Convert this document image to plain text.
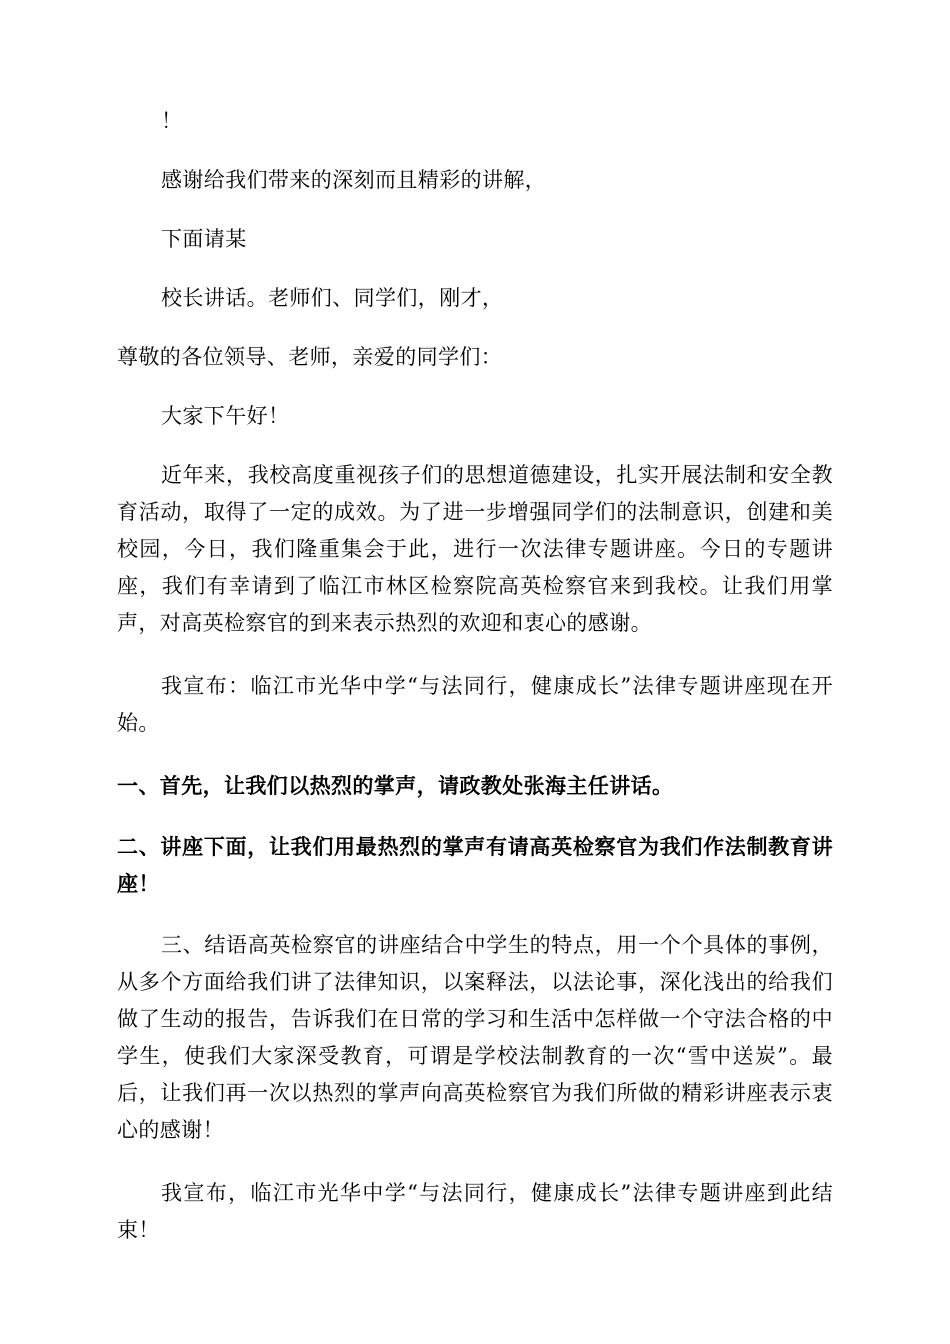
！

感谢给我们带来的深刻而且精彩的讲解，

下面请某

校长讲话。老师们、同学们，刚才，

尊敬的各位领导、老师，亲爱的同学们：

大家下午好！

近年来，我校高度重视孩子们的思想道德建设，扎实开展法制和安全教育活动，取得了一定的成效。为了进一步增强同学们的法制意识，创建和美校园，今日，我们隆重集会于此，进行一次法律专题讲座。今日的专题讲座，我们有幸请到了临江市林区检察院高英检察官来到我校。让我们用掌声，对高英检察官的到来表示热烈的欢迎和衷心的感谢。

我宣布：临江市光华中学“与法同行，健康成长”法律专题讲座现在开始。

一、首先，让我们以热烈的掌声，请政教处张海主任讲话。

二、讲座下面，让我们用最热烈的掌声有请高英检察官为我们作法制教育讲座！

三、结语高英检察官的讲座结合中学生的特点，用一个个具体的事例，从多个方面给我们讲了法律知识，以案释法，以法论事，深化浅出的给我们做了生动的报告，告诉我们在日常的学习和生活中怎样做一个守法合格的中学生，使我们大家深受教育，可谓是学校法制教育的一次“雪中送炭”。最后，让我们再一次以热烈的掌声向高英检察官为我们所做的精彩讲座表示衷心的感谢！

我宣布，临江市光华中学“与法同行，健康成长”法律专题讲座到此结束！
